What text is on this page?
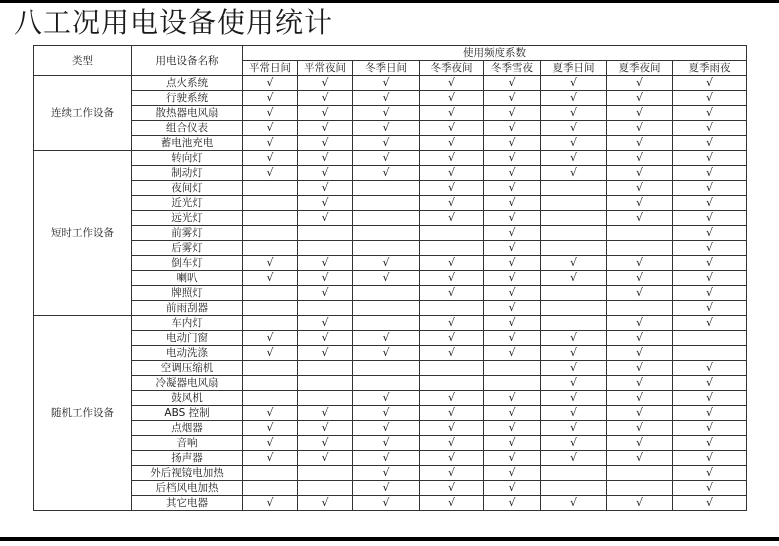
八工况用电设备使用统计
类型	用电设备名称	使用频度系数							
		平常日间	平常夜间	冬季日间	冬季夜间	冬季雪夜	夏季日间	夏季夜间	夏季雨夜
连续工作设备	点火系统	√	√	√	√	√	√	√	√
	行驶系统	√	√	√	√	√	√	√	√
	散热器电风扇	√	√	√	√	√	√	√	√
	组合仪表	√	√	√	√	√	√	√	√
	蓄电池充电	√	√	√	√	√	√	√	√
短时工作设备	转向灯	√	√	√	√	√	√	√	√
	制动灯	√	√	√	√	√	√	√	√
	夜间灯		√		√	√		√	√
	近光灯		√		√	√		√	√
	远光灯		√		√	√		√	√
	前雾灯					√			√
	后雾灯					√			√
	倒车灯	√	√	√	√	√	√	√	√
	喇叭	√	√	√	√	√	√	√	√
	牌照灯		√		√	√		√	√
	前雨刮器					√			√
随机工作设备	车内灯		√		√	√		√	√
	电动门窗	√	√	√	√	√	√	√	
	电动洗涤	√	√	√	√	√	√	√	
	空调压缩机						√	√	√
	冷凝器电风扇						√	√	√
	鼓风机			√	√	√	√	√	√
	ABS 控制	√	√	√	√	√	√	√	√
	点烟器	√	√	√	√	√	√	√	√
	音响	√	√	√	√	√	√	√	√
	扬声器	√	√	√	√	√	√	√	√
	外后视镜电加热			√	√	√			√
	后档风电加热			√	√	√			√
	其它电器	√	√	√	√	√	√	√	√
